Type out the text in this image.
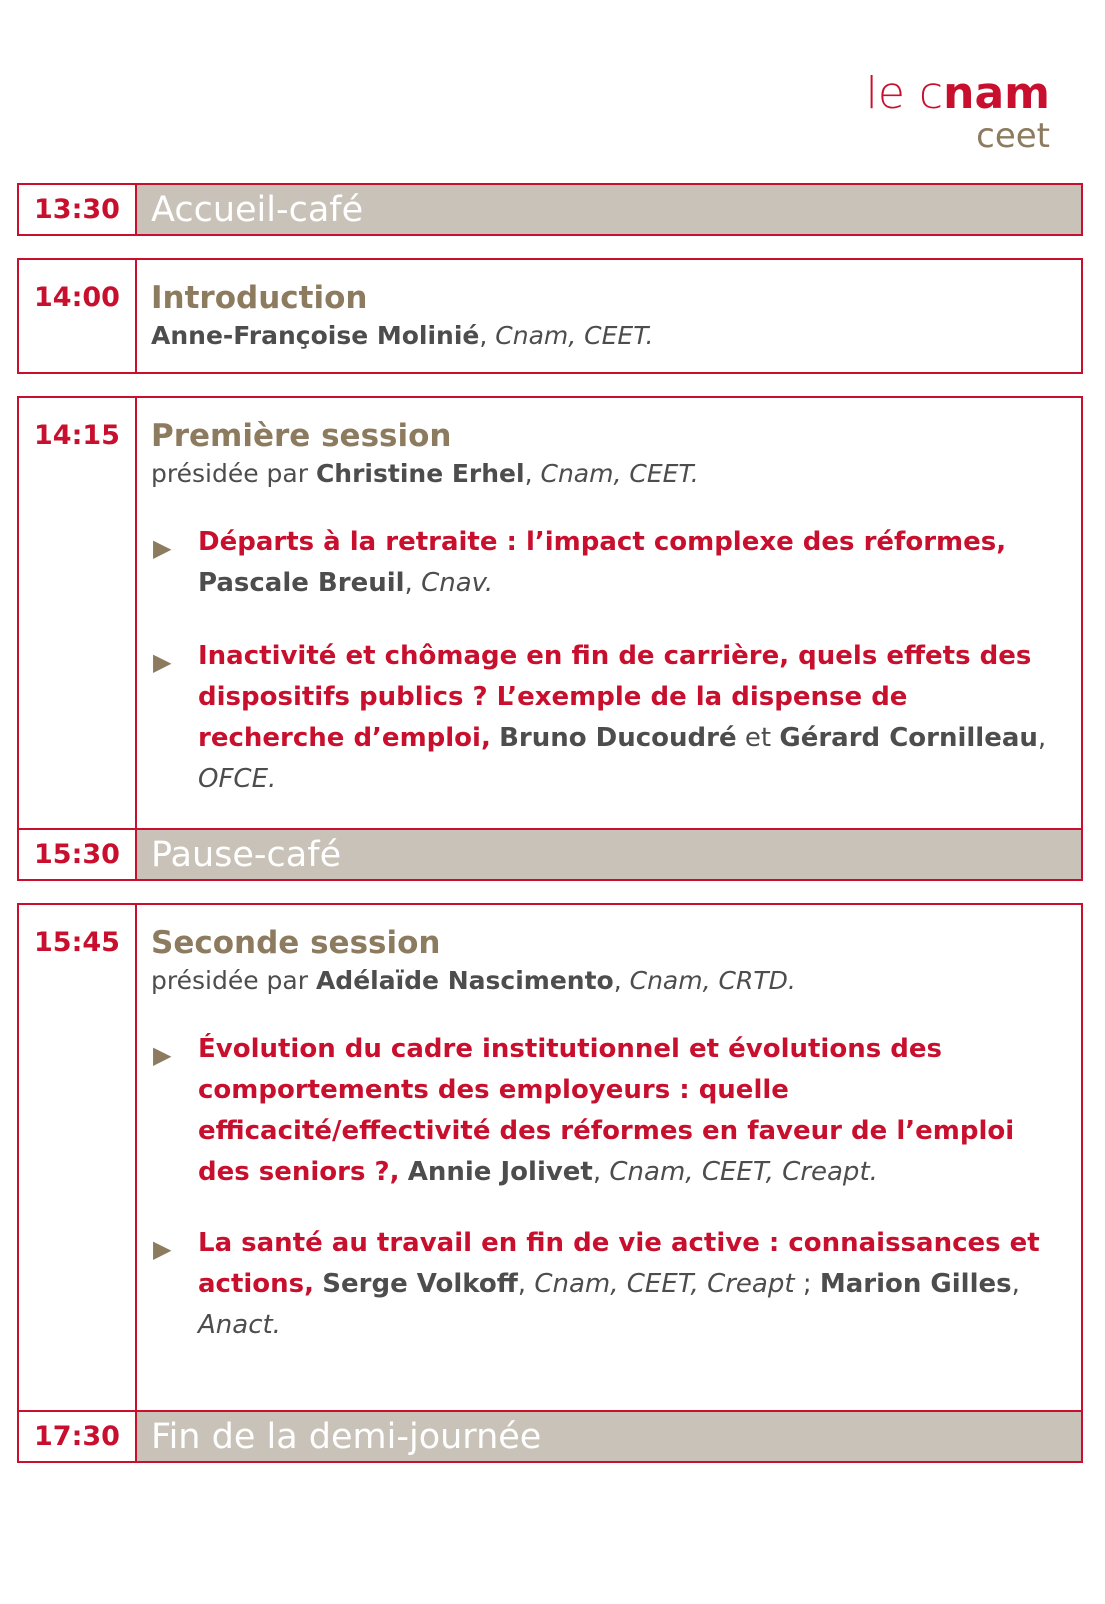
le cnam
ceet
13:30 Accueil-café
14:00	Introduction
Anne-Françoise Molinié, Cnam, CEET.
14:15	Première session
présidée par Christine Erhel, Cnam, CEET.
▶ Départs à la retraite : l’impact complexe des réformes, Pascale Breuil, Cnav.
▶ Inactivité et chômage en fin de carrière, quels effets des dispositifs publics ? L’exemple de la dispense de recherche d’emploi, Bruno Ducoudré et Gérard Cornilleau, OFCE.
15:30 Pause-café
15:45	Seconde session
présidée par Adélaïde Nascimento, Cnam, CRTD.
▶ Évolution du cadre institutionnel et évolutions des comportements des employeurs : quelle efficacité/effectivité des réformes en faveur de l’emploi des seniors ?, Annie Jolivet, Cnam, CEET, Creapt.
▶ La santé au travail en fin de vie active : connaissances et actions, Serge Volkoff, Cnam, CEET, Creapt ; Marion Gilles, Anact.
17:30 Fin de la demi-journée
